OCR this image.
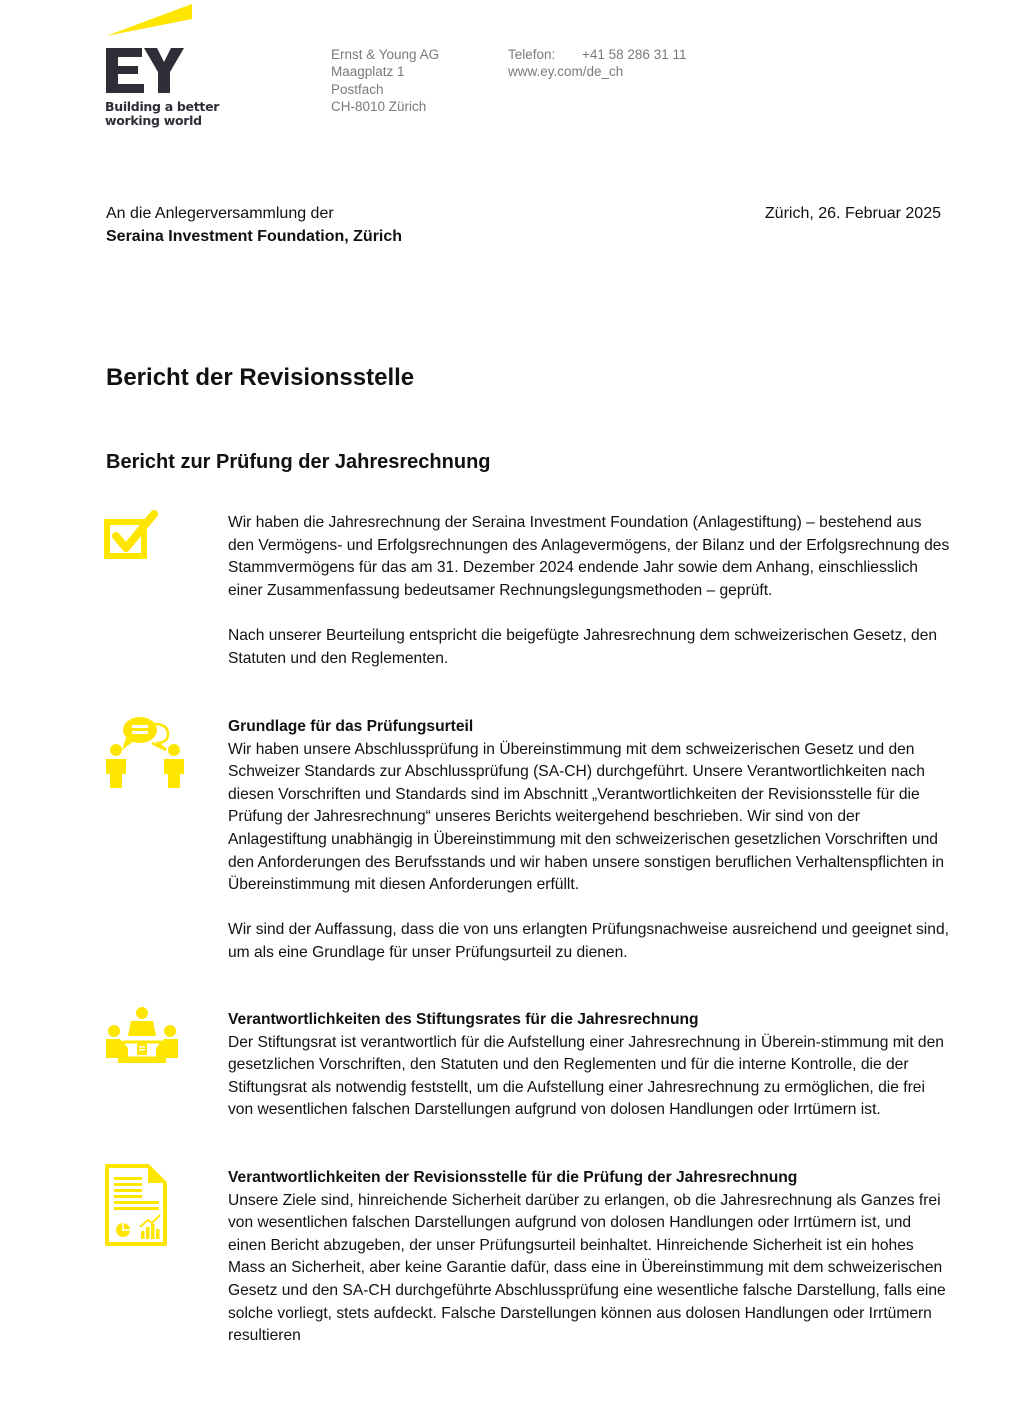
Building a better
working world
Ernst & Young AG
Maagplatz 1
Postfach
CH-8010 Zürich
Telefon:	+41 58 286 31 11
www.ey.com/de_ch
An die Anlegerversammlung der
Seraina Investment Foundation, Zürich
Zürich, 26. Februar 2025
Bericht der Revisionsstelle
Bericht zur Prüfung der Jahresrechnung

Wir haben die Jahresrechnung der Seraina Investment Foundation (Anlagestiftung) – bestehend aus den Vermögens- und Erfolgsrechnungen des Anlagevermögens, der Bilanz und der Erfolgsrechnung des Stammvermögens für das am 31. Dezember 2024 endende Jahr sowie dem Anhang, einschliesslich einer Zusammenfassung bedeutsamer Rechnungslegungsmethoden – geprüft.

Nach unserer Beurteilung entspricht die beigefügte Jahresrechnung dem schweizerischen Gesetz, den Statuten und den Reglementen.

Grundlage für das Prüfungsurteil

Wir haben unsere Abschlussprüfung in Übereinstimmung mit dem schweizerischen Gesetz und den Schweizer Standards zur Abschlussprüfung (SA-CH) durchgeführt. Unsere Verantwortlichkeiten nach diesen Vorschriften und Standards sind im Abschnitt „Verantwortlichkeiten der Revisionsstelle für die Prüfung der Jahresrechnung“ unseres Berichts weitergehend beschrieben. Wir sind von der Anlagestiftung unabhängig in Übereinstimmung mit den schweizerischen gesetzlichen Vorschriften und den Anforderungen des Berufsstands und wir haben unsere sonstigen beruflichen Verhaltenspflichten in Übereinstimmung mit diesen Anforderungen erfüllt.

Wir sind der Auffassung, dass die von uns erlangten Prüfungsnachweise ausreichend und geeignet sind, um als eine Grundlage für unser Prüfungsurteil zu dienen.

Verantwortlichkeiten des Stiftungsrates für die Jahresrechnung

Der Stiftungsrat ist verantwortlich für die Aufstellung einer Jahresrechnung in Überein-stimmung mit den gesetzlichen Vorschriften, den Statuten und den Reglementen und für die interne Kontrolle, die der Stiftungsrat als notwendig feststellt, um die Aufstellung einer Jahresrechnung zu ermöglichen, die frei von wesentlichen falschen Darstellungen aufgrund von dolosen Handlungen oder Irrtümern ist.

Verantwortlichkeiten der Revisionsstelle für die Prüfung der Jahresrechnung

Unsere Ziele sind, hinreichende Sicherheit darüber zu erlangen, ob die Jahresrechnung als Ganzes frei von wesentlichen falschen Darstellungen aufgrund von dolosen Handlungen oder Irrtümern ist, und einen Bericht abzugeben, der unser Prüfungsurteil beinhaltet. Hinreichende Sicherheit ist ein hohes Mass an Sicherheit, aber keine Garantie dafür, dass eine in Übereinstimmung mit dem schweizerischen Gesetz und den SA-CH durchgeführte Abschlussprüfung eine wesentliche falsche Darstellung, falls eine solche vorliegt, stets aufdeckt. Falsche Darstellungen können aus dolosen Handlungen oder Irrtümern resultieren
